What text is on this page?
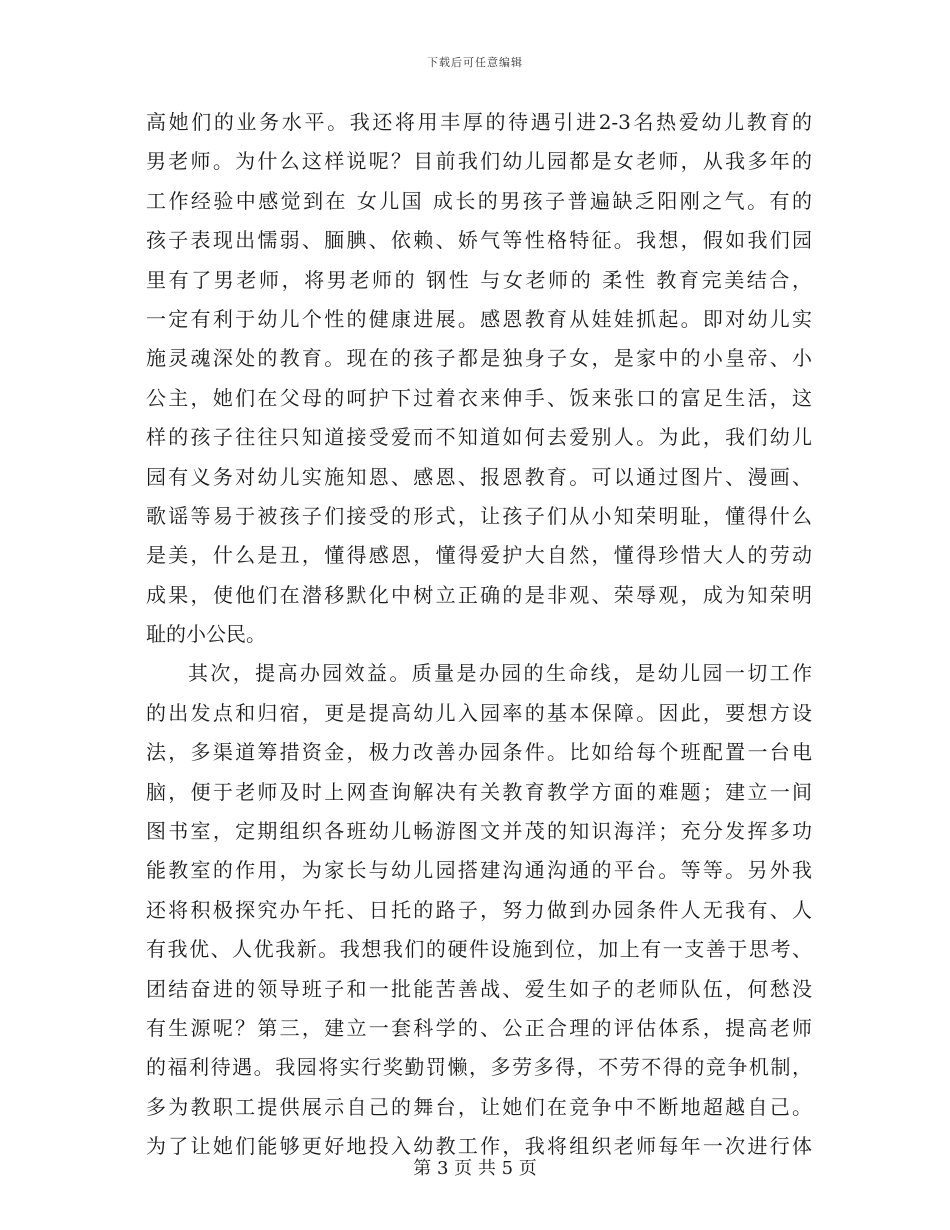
下载后可任意编辑
高她们的业务水平。我还将用丰厚的待遇引进2-3名热爱幼儿教育的
男老师。为什么这样说呢？目前我们幼儿园都是女老师，从我多年的
工作经验中感觉到在 女儿国 成长的男孩子普遍缺乏阳刚之气。有的
孩子表现出懦弱、腼腆、依赖、娇气等性格特征。我想，假如我们园
里有了男老师，将男老师的 钢性 与女老师的 柔性 教育完美结合，
一定有利于幼儿个性的健康进展。感恩教育从娃娃抓起。即对幼儿实
施灵魂深处的教育。现在的孩子都是独身子女，是家中的小皇帝、小
公主，她们在父母的呵护下过着衣来伸手、饭来张口的富足生活，这
样的孩子往往只知道接受爱而不知道如何去爱别人。为此，我们幼儿
园有义务对幼儿实施知恩、感恩、报恩教育。可以通过图片、漫画、
歌谣等易于被孩子们接受的形式，让孩子们从小知荣明耻，懂得什么
是美，什么是丑，懂得感恩，懂得爱护大自然，懂得珍惜大人的劳动
成果，使他们在潜移默化中树立正确的是非观、荣辱观，成为知荣明
耻的小公民。
其次，提高办园效益。质量是办园的生命线，是幼儿园一切工作
的出发点和归宿，更是提高幼儿入园率的基本保障。因此，要想方设
法，多渠道筹措资金，极力改善办园条件。比如给每个班配置一台电
脑，便于老师及时上网查询解决有关教育教学方面的难题；建立一间
图书室，定期组织各班幼儿畅游图文并茂的知识海洋；充分发挥多功
能教室的作用，为家长与幼儿园搭建沟通沟通的平台。等等。另外我
还将积极探究办午托、日托的路子，努力做到办园条件人无我有、人
有我优、人优我新。我想我们的硬件设施到位，加上有一支善于思考、
团结奋进的领导班子和一批能苦善战、爱生如子的老师队伍，何愁没
有生源呢？第三，建立一套科学的、公正合理的评估体系，提高老师
的福利待遇。我园将实行奖勤罚懒，多劳多得，不劳不得的竞争机制，
多为教职工提供展示自己的舞台，让她们在竞争中不断地超越自己。
为了让她们能够更好地投入幼教工作，我将组织老师每年一次进行体
第 3 页 共 5 页
